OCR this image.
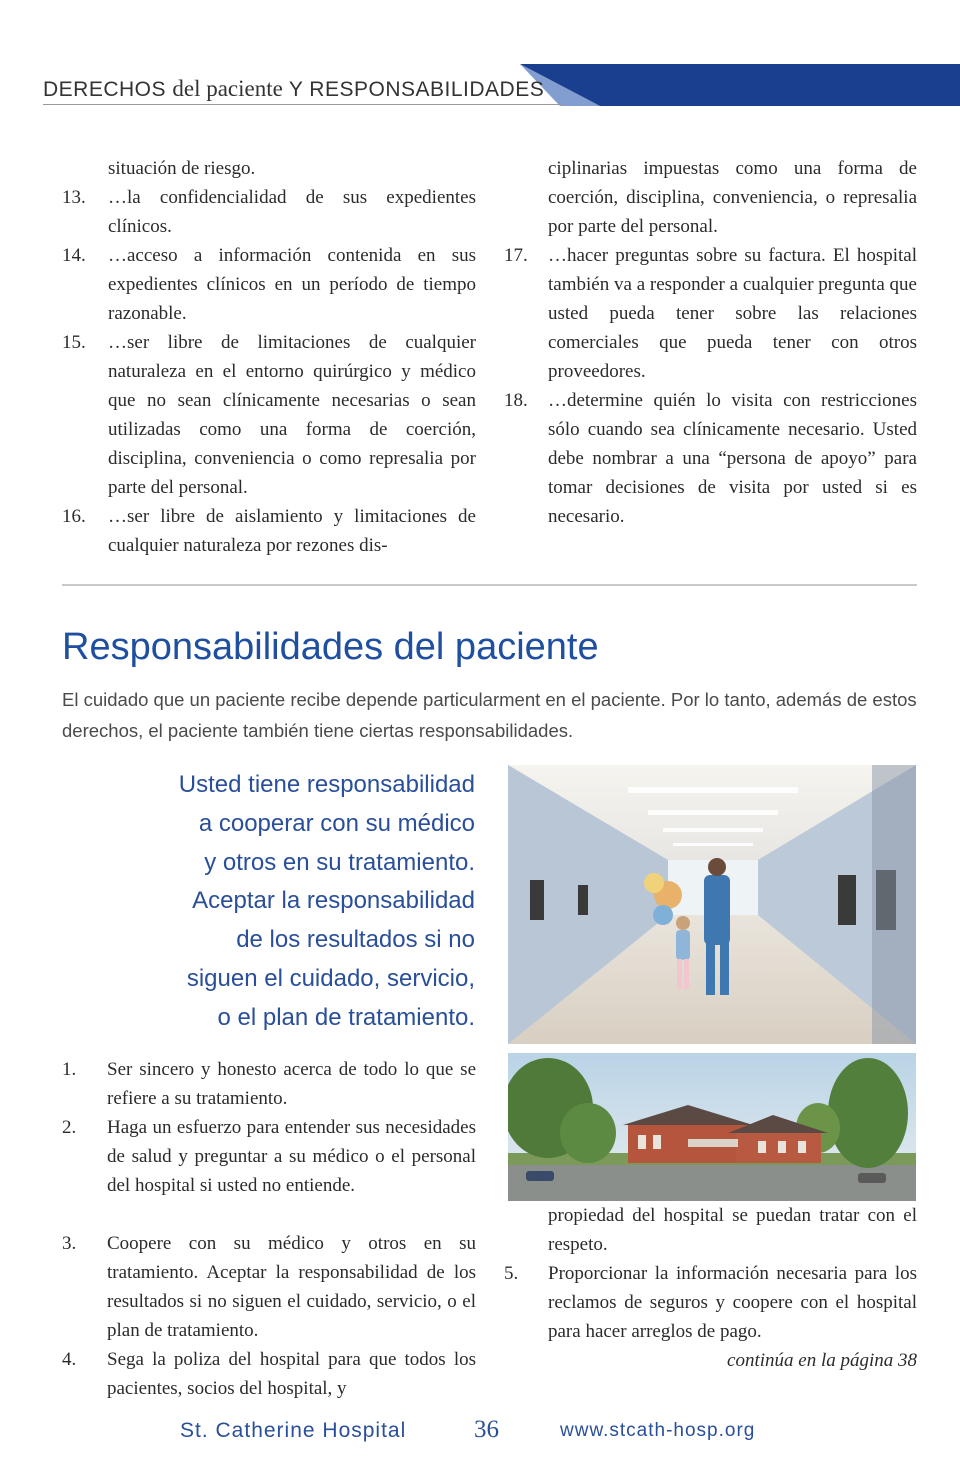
DERECHOS del paciente Y RESPONSABILIDADES
situación de riesgo.
13. …la confidencialidad de sus expedientes clínicos.
14. …acceso a información contenida en sus expedientes clínicos en un período de tiempo razonable.
15. …ser libre de limitaciones de cualquier naturaleza en el entorno quirúrgico y médico que no sean clínicamente necesarias o sean utilizadas como una forma de coerción, disciplina, conveniencia o como represalia por parte del personal.
16. …ser libre de aislamiento y limitaciones de cualquier naturaleza por rezones dis-
ciplinarias impuestas como una forma de coerción, disciplina, conveniencia, o represalia por parte del personal.
17. …hacer preguntas sobre su factura. El hospital también va a responder a cualquier pregunta que usted pueda tener sobre las relaciones comerciales que pueda tener con otros proveedores.
18. …determine quién lo visita con restricciones sólo cuando sea clínicamente necesario. Usted debe nombrar a una “persona de apoyo” para tomar decisiones de visita por usted si es necesario.
Responsabilidades del paciente
El cuidado que un paciente recibe depende particularment en el paciente. Por lo tanto, además de estos derechos, el paciente también tiene ciertas responsabilidades.
Usted tiene responsabilidad
a cooperar con su médico
y otros en su tratamiento.
Aceptar la responsabilidad
de los resultados si no
siguen el cuidado, servicio,
o el plan de tratamiento.
1. Ser sincero y honesto acerca de todo lo que se refiere a su tratamiento.
2. Haga un esfuerzo para entender sus necesidades de salud y preguntar a su médico o el personal del hospital si usted no entiende.
3. Coopere con su médico y otros en su tratamiento. Aceptar la responsabilidad de los resultados si no siguen el cuidado, servicio, o el plan de tratamiento.
4. Sega la poliza del hospital para que todos los pacientes, socios del hospital, y
propiedad del hospital se puedan tratar con el respeto.
5. Proporcionar la información necesaria para los reclamos de seguros y coopere con el hospital para hacer arreglos de pago.
continúa en la página 38
St. Catherine Hospital	36	www.stcath-hosp.org
